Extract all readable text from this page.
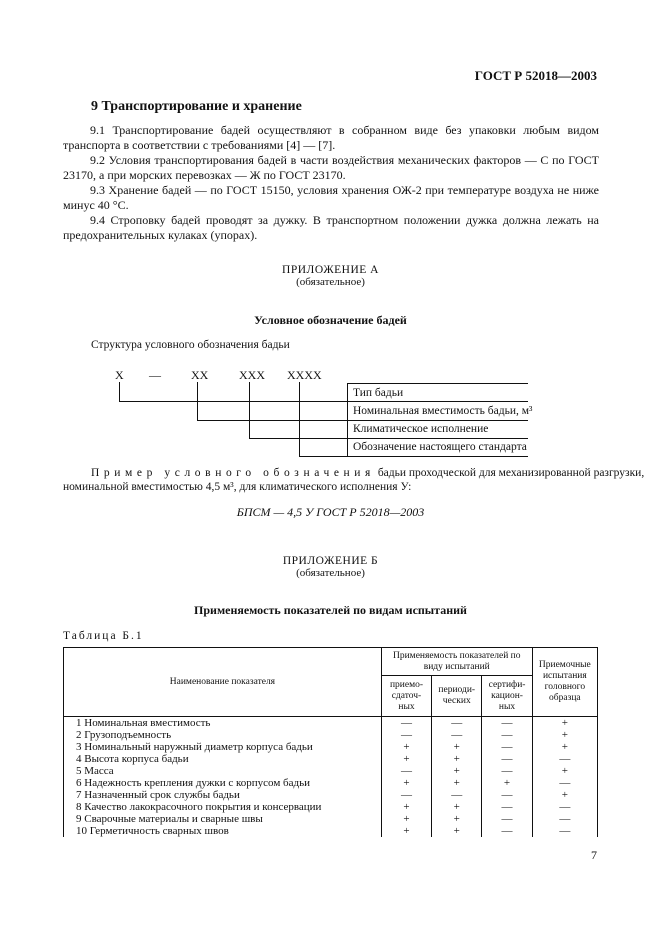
ГОСТ Р 52018—2003
9 Транспортирование и хранение

9.1 Транспортирование бадей осуществляют в собранном виде без упаковки любым видом транспорта в соответствии с требованиями [4] — [7].

9.2 Условия транспортирования бадей в части воздействия механических факторов — С по ГОСТ 23170, а при морских перевозках — Ж по ГОСТ 23170.

9.3 Хранение бадей — по ГОСТ 15150, условия хранения ОЖ-2 при температуре воздуха не ниже минус 40 °С.

9.4 Строповку бадей проводят за дужку. В транспортном положении дужка должна лежать на предохранительных кулаках (упорах).

ПРИЛОЖЕНИЕ А
(обязательное)
Условное обозначение бадей
Структура условного обозначения бадьи
X —	XX	XXX XXXX
Тип бадьи
Номинальная вместимость бадьи, м³
Климатическое исполнение
Обозначение настоящего стандарта
Пример условного обозначения бадьи проходческой для механизированной разгрузки,
номинальной вместимостью 4,5 м³, для климатического исполнения У:
БПСМ — 4,5 У ГОСТ Р 52018—2003
ПРИЛОЖЕНИЕ Б
(обязательное)
Применяемость показателей по видам испытаний
Таблица Б.1
Наименование показателя	Применяемость показателей по виду испытаний			Приемочные испытания головного образца
	приемо-сдаточ-ных	периоди-ческих	сертифи-кацион-ных	
1 Номинальная вместимость	—	—	—	+
2 Грузоподъемность	—	—	—	+
3 Номинальный наружный диаметр корпуса бадьи	+	+	—	+
4 Высота корпуса бадьи	+	+	—	—
5 Масса	—	+	—	+
6 Надежность крепления дужки с корпусом бадьи	+	+	+	—
7 Назначенный срок службы бадьи	—	—	—	+
8 Качество лакокрасочного покрытия и консервации	+	+	—	—
9 Сварочные материалы и сварные швы	+	+	—	—
10 Герметичность сварных швов	+	+	—	—
7
